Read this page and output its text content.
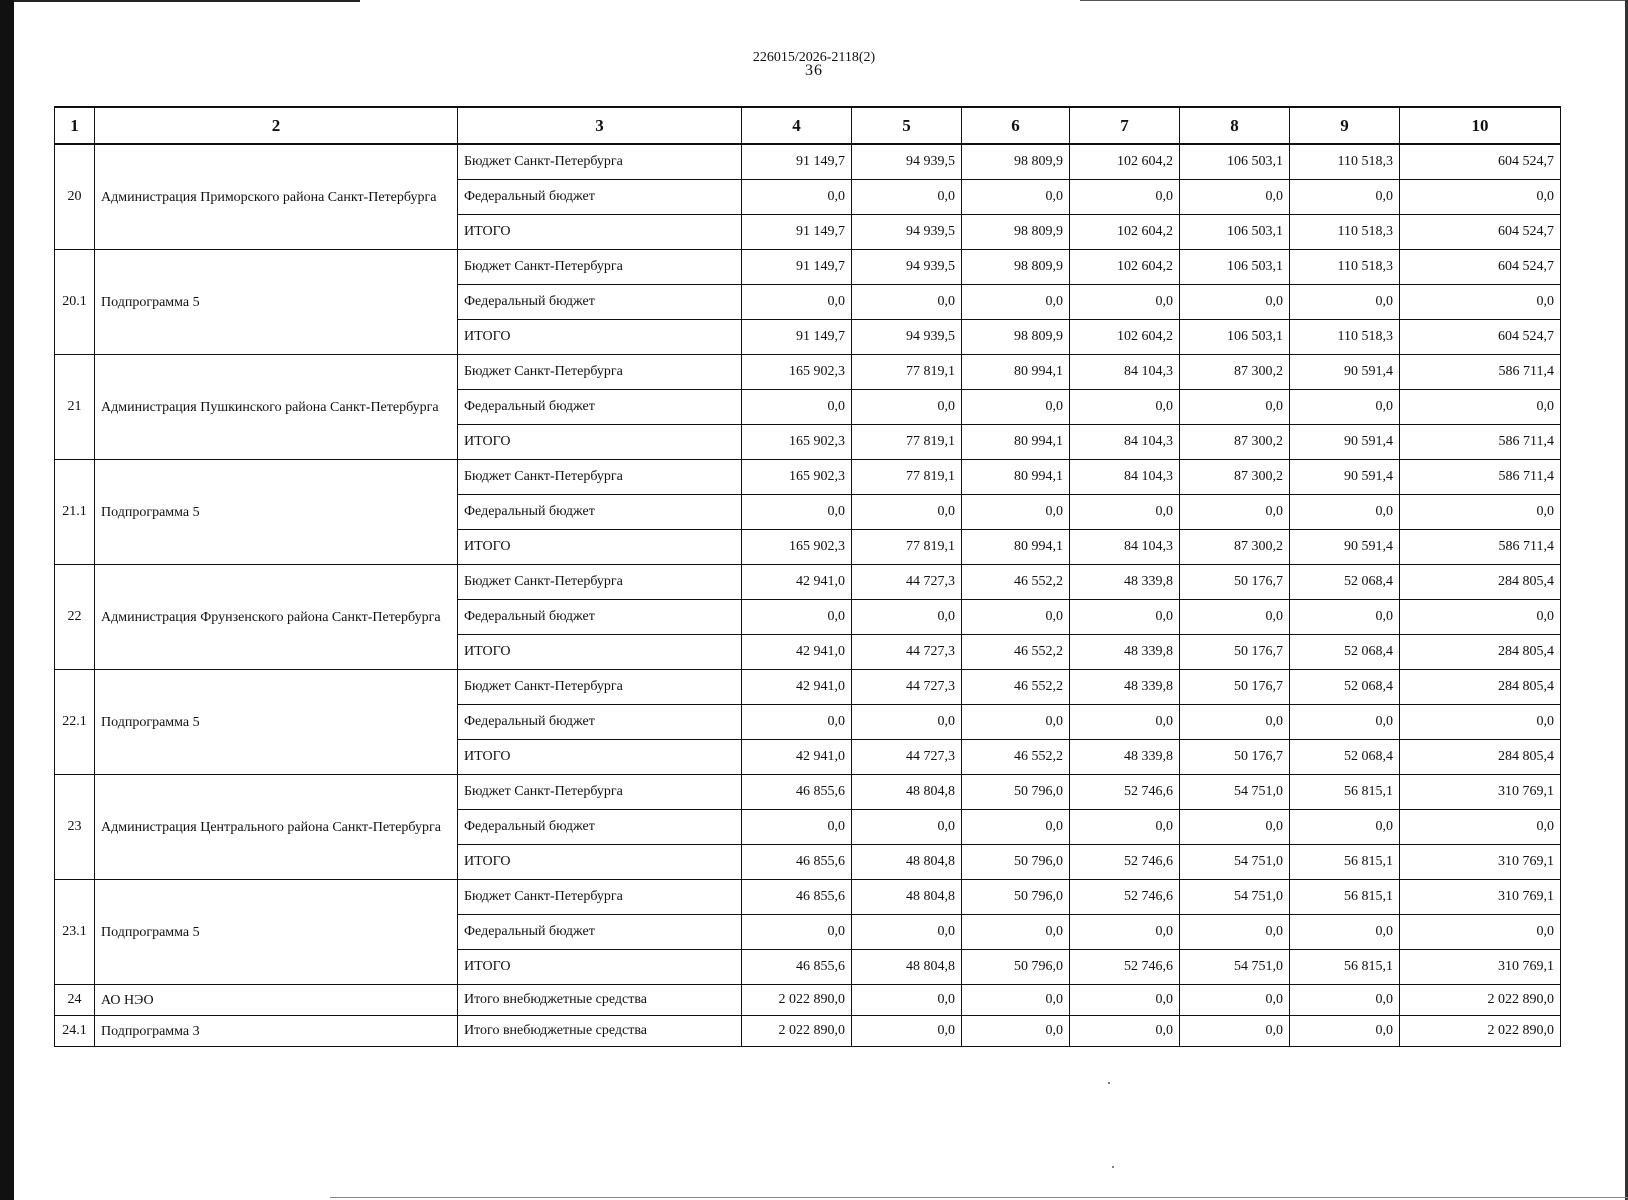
226015/2026-2118(2)
36
1	2	3	4	5	6	7	8	9	10
20	Администрация Приморского района Санкт-Петербурга	Бюджет Санкт-Петербурга	91 149,7	94 939,5	98 809,9	102 604,2	106 503,1	110 518,3	604 524,7
		Федеральный бюджет	0,0	0,0	0,0	0,0	0,0	0,0	0,0
		ИТОГО	91 149,7	94 939,5	98 809,9	102 604,2	106 503,1	110 518,3	604 524,7
20.1	Подпрограмма 5	Бюджет Санкт-Петербурга	91 149,7	94 939,5	98 809,9	102 604,2	106 503,1	110 518,3	604 524,7
		Федеральный бюджет	0,0	0,0	0,0	0,0	0,0	0,0	0,0
		ИТОГО	91 149,7	94 939,5	98 809,9	102 604,2	106 503,1	110 518,3	604 524,7
21	Администрация Пушкинского района Санкт-Петербурга	Бюджет Санкт-Петербурга	165 902,3	77 819,1	80 994,1	84 104,3	87 300,2	90 591,4	586 711,4
		Федеральный бюджет	0,0	0,0	0,0	0,0	0,0	0,0	0,0
		ИТОГО	165 902,3	77 819,1	80 994,1	84 104,3	87 300,2	90 591,4	586 711,4
21.1	Подпрограмма 5	Бюджет Санкт-Петербурга	165 902,3	77 819,1	80 994,1	84 104,3	87 300,2	90 591,4	586 711,4
		Федеральный бюджет	0,0	0,0	0,0	0,0	0,0	0,0	0,0
		ИТОГО	165 902,3	77 819,1	80 994,1	84 104,3	87 300,2	90 591,4	586 711,4
22	Администрация Фрунзенского района Санкт-Петербурга	Бюджет Санкт-Петербурга	42 941,0	44 727,3	46 552,2	48 339,8	50 176,7	52 068,4	284 805,4
		Федеральный бюджет	0,0	0,0	0,0	0,0	0,0	0,0	0,0
		ИТОГО	42 941,0	44 727,3	46 552,2	48 339,8	50 176,7	52 068,4	284 805,4
22.1	Подпрограмма 5	Бюджет Санкт-Петербурга	42 941,0	44 727,3	46 552,2	48 339,8	50 176,7	52 068,4	284 805,4
		Федеральный бюджет	0,0	0,0	0,0	0,0	0,0	0,0	0,0
		ИТОГО	42 941,0	44 727,3	46 552,2	48 339,8	50 176,7	52 068,4	284 805,4
23	Администрация Центрального района Санкт-Петербурга	Бюджет Санкт-Петербурга	46 855,6	48 804,8	50 796,0	52 746,6	54 751,0	56 815,1	310 769,1
		Федеральный бюджет	0,0	0,0	0,0	0,0	0,0	0,0	0,0
		ИТОГО	46 855,6	48 804,8	50 796,0	52 746,6	54 751,0	56 815,1	310 769,1
23.1	Подпрограмма 5	Бюджет Санкт-Петербурга	46 855,6	48 804,8	50 796,0	52 746,6	54 751,0	56 815,1	310 769,1
		Федеральный бюджет	0,0	0,0	0,0	0,0	0,0	0,0	0,0
		ИТОГО	46 855,6	48 804,8	50 796,0	52 746,6	54 751,0	56 815,1	310 769,1
24	АО НЭО	Итого внебюджетные средства	2 022 890,0	0,0	0,0	0,0	0,0	0,0	2 022 890,0
24.1	Подпрограмма 3	Итого внебюджетные средства	2 022 890,0	0,0	0,0	0,0	0,0	0,0	2 022 890,0
